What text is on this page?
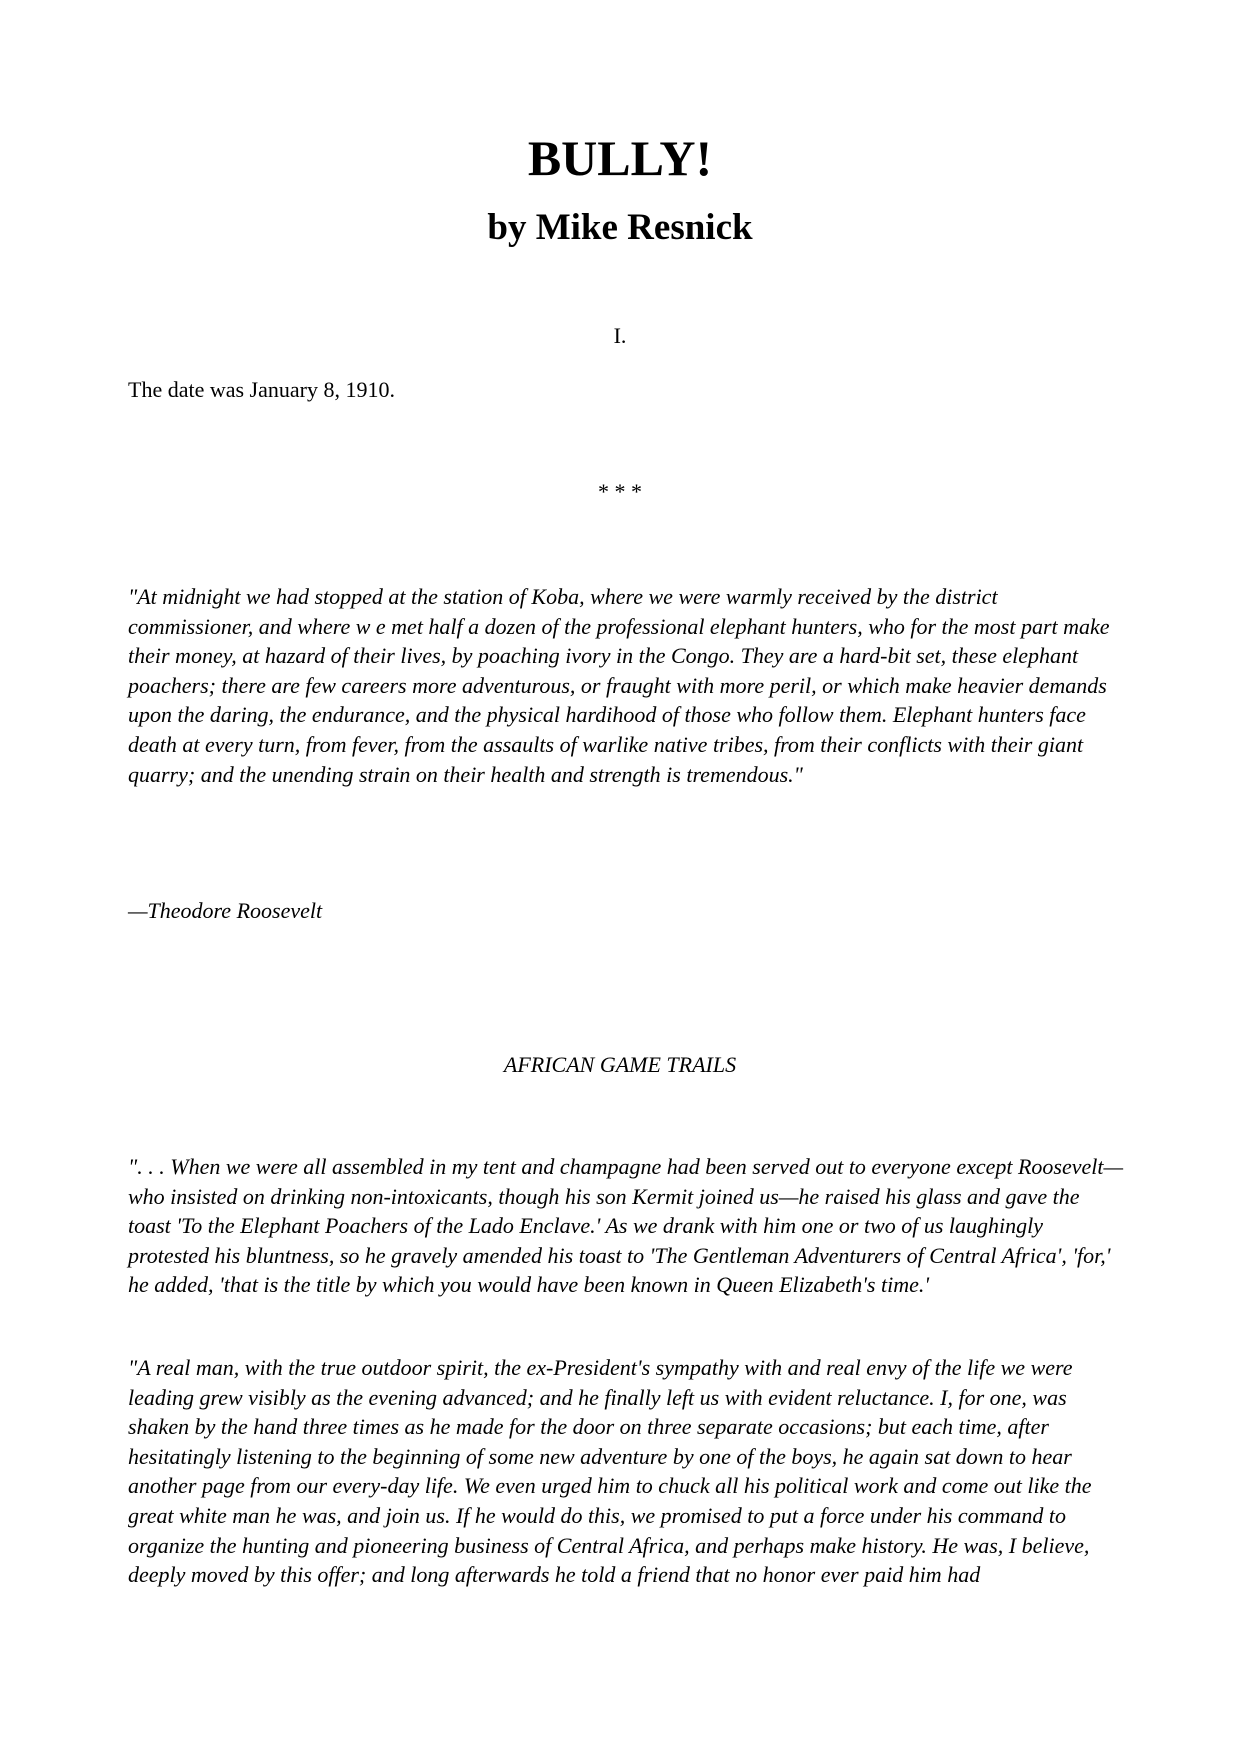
BULLY!
by Mike Resnick

I.

The date was January 8, 1910.

* * *

"At midnight we had stopped at the station of Koba, where we were warmly received by the district commissioner, and where w e met half a dozen of the professional elephant hunters, who for the most part make their money, at hazard of their lives, by poaching ivory in the Congo. They are a hard-bit set, these elephant poachers; there are few careers more adventurous, or fraught with more peril, or which make heavier demands upon the daring, the endurance, and the physical hardihood of those who follow them. Elephant hunters face death at every turn, from fever, from the assaults of warlike native tribes, from their conflicts with their giant quarry; and the unending strain on their health and strength is tremendous."

—Theodore Roosevelt

AFRICAN GAME TRAILS

". . . When we were all assembled in my tent and champagne had been served out to everyone except Roosevelt—who insisted on drinking non-intoxicants, though his son Kermit joined us—he raised his glass and gave the toast 'To the Elephant Poachers of the Lado Enclave.' As we drank with him one or two of us laughingly protested his bluntness, so he gravely amended his toast to 'The Gentleman Adventurers of Central Africa', 'for,' he added, 'that is the title by which you would have been known in Queen Elizabeth's time.'

"A real man, with the true outdoor spirit, the ex-President's sympathy with and real envy of the life we were leading grew visibly as the evening advanced; and he finally left us with evident reluctance. I, for one, was shaken by the hand three times as he made for the door on three separate occasions; but each time, after hesitatingly listening to the beginning of some new adventure by one of the boys, he again sat down to hear another page from our every-day life. We even urged him to chuck all his political work and come out like the great white man he was, and join us. If he would do this, we promised to put a force under his command to organize the hunting and pioneering business of Central Africa, and perhaps make history. He was, I believe, deeply moved by this offer; and long afterwards he told a friend that no honor ever paid him had
